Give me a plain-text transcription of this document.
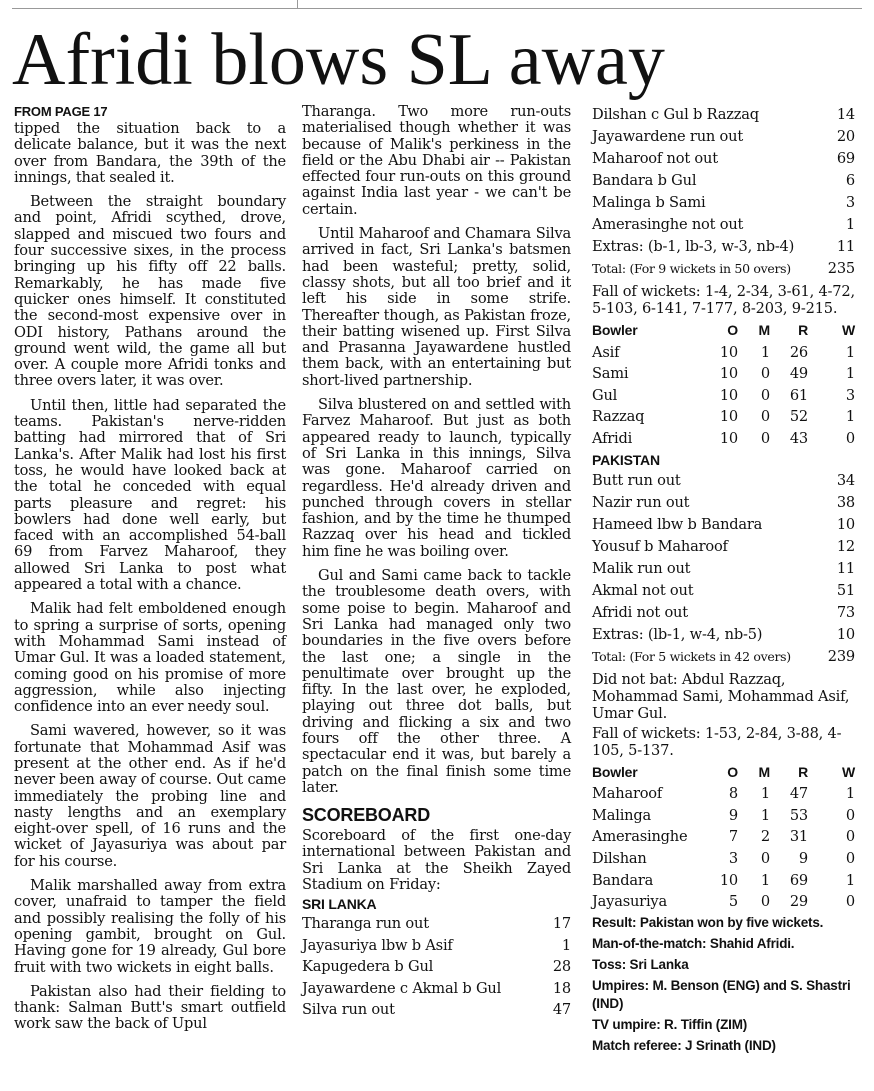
Afridi blows SL away
FROM PAGE 17

tipped the situation back to a delicate balance, but it was the next over from Bandara, the 39th of the innings, that sealed it.

Between the straight boundary and point, Afridi scythed, drove, slapped and miscued two fours and four successive sixes, in the process bringing up his fifty off 22 balls. Remarkably, he has made five quicker ones himself. It constituted the second-most expensive over in ODI history, Pathans around the ground went wild, the game all but over. A couple more Afridi tonks and three overs later, it was over.

Until then, little had separated the teams. Pakistan's nerve-ridden batting had mirrored that of Sri Lanka's. After Malik had lost his first toss, he would have looked back at the total he conceded with equal parts pleasure and regret: his bowlers had done well early, but faced with an accomplished 54-ball 69 from Farvez Maharoof, they allowed Sri Lanka to post what appeared a total with a chance.

Malik had felt emboldened enough to spring a surprise of sorts, opening with Mohammad Sami instead of Umar Gul. It was a loaded statement, coming good on his promise of more aggression, while also injecting confidence into an ever needy soul.

Sami wavered, however, so it was fortunate that Mohammad Asif was present at the other end. As if he'd never been away of course. Out came immediately the probing line and nasty lengths and an exemplary eight-over spell, of 16 runs and the wicket of Jayasuriya was about par for his course.

Malik marshalled away from extra cover, unafraid to tamper the field and possibly realising the folly of his opening gambit, brought on Gul. Having gone for 19 already, Gul bore fruit with two wickets in eight balls.

Pakistan also had their fielding to thank: Salman Butt's smart outfield work saw the back of Upul

Tharanga. Two more run-outs materialised though whether it was because of Malik's perkiness in the field or the Abu Dhabi air -- Pakistan effected four run-outs on this ground against India last year - we can't be certain.

Until Maharoof and Chamara Silva arrived in fact, Sri Lanka's batsmen had been wasteful; pretty, solid, classy shots, but all too brief and it left his side in some strife. Thereafter though, as Pakistan froze, their batting wisened up. First Silva and Prasanna Jayawardene hustled them back, with an entertaining but short-lived partnership.

Silva blustered on and settled with Farvez Maharoof. But just as both appeared ready to launch, typically of Sri Lanka in this innings, Silva was gone. Maharoof carried on regardless. He'd already driven and punched through covers in stellar fashion, and by the time he thumped Razzaq over his head and tickled him fine he was boiling over.

Gul and Sami came back to tackle the troublesome death overs, with some poise to begin. Maharoof and Sri Lanka had managed only two boundaries in the five overs before the last one; a single in the penultimate over brought up the fifty. In the last over, he exploded, playing out three dot balls, but driving and flicking a six and two fours off the other three. A spectacular end it was, but barely a patch on the final finish some time later.

SCOREBOARD

Scoreboard of the first one-day international between Pakistan and Sri Lanka at the Sheikh Zayed Stadium on Friday:

SRI LANKA
Tharanga run out	17
Jayasuriya lbw b Asif	1
Kapugedera b Gul	28
Jayawardene c Akmal b Gul	18
Silva run out	47
Dilshan c Gul b Razzaq	14
Jayawardene run out	20
Maharoof not out	69
Bandara b Gul	6
Malinga b Sami	3
Amerasinghe not out	1
Extras: (b-1, lb-3, w-3, nb-4)	11
Total: (For 9 wickets in 50 overs)	235
Fall of wickets: 1-4, 2-34, 3-61, 4-72, 5-103, 6-141, 7-177, 8-203, 9-215.
Bowler	O	M	R	W
Asif	10	1	26	1
Sami	10	0	49	1
Gul	10	0	61	3
Razzaq	10	0	52	1
Afridi	10	0	43	0
PAKISTAN
Butt run out	34
Nazir run out	38
Hameed lbw b Bandara	10
Yousuf b Maharoof	12
Malik run out	11
Akmal not out	51
Afridi not out	73
Extras: (lb-1, w-4, nb-5)	10
Total: (For 5 wickets in 42 overs)	239
Did not bat: Abdul Razzaq, Mohammad Sami, Mohammad Asif, Umar Gul.
Fall of wickets: 1-53, 2-84, 3-88, 4-105, 5-137.
Bowler	O	M	R	W
Maharoof	8	1	47	1
Malinga	9	1	53	0
Amerasinghe	7	2	31	0
Dilshan	3	0	9	0
Bandara	10	1	69	1
Jayasuriya	5	0	29	0
Result: Pakistan won by five wickets.
Man-of-the-match: Shahid Afridi.
Toss: Sri Lanka
Umpires: M. Benson (ENG) and S. Shastri (IND)
TV umpire: R. Tiffin (ZIM)
Match referee: J Srinath (IND)
